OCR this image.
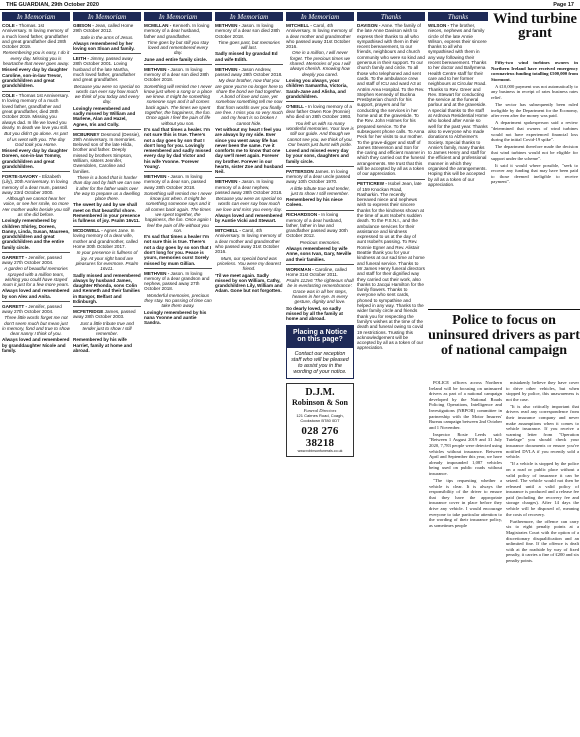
THE GUARDIAN, 29th October 2020	Page 17
In Memoriam
COLE - Thomas. 1st Anniversary. In loving memory of a much loved father, grandfather and great grandfather died 28th October 2019.
Remembering you is easy, I do it every day. Missing you is heartache that never goes away.
Missed every day by daughter Caroline, son-in-law Trevor, grandchildren and great grandchildren.
COLE - Thomas 1st Anniversary. In loving memory of a much loved father, grandfather and great grandfather, died 28th October 2019. Missing you always dad. In life we loved you dearly. In death we love you still.
But you didn't go alone. As part of us went with you. The day God took you Home.
Missed every day by daughter Doreen, son-in-law Tommy, grandchildren and great grandchildren.
FORTE-SAVORY - Elizabeth (Lily), 20th Anniversary. In loving memory of a dear mum, passed away 23rd October 2000.
Although we cannot hear her voice, or see her smile, no more Her mother walks beside you still as she did before.
Lovingly remembered by children Shirley, Doreen, Danny, Linda, Susan, Maureen, grandchildren and great grandchildren and the entire family circle.
GARRETT - Jennifer, passed away 27th October 2004.
A garden of beautiful memories sprayed with a million tears, wishing you could have stayed mum it just for a few more years.
Always loved and remembered by son Alex and Anita.
GARRETT - Jennifer, passed away 27th October 2004.
Three little words forget me not don't seem much but mean just in memory, fond and true to show dear nanny I think of you.
Always loved and remembered by granddaughter Nicole and family.
In Memoriam
GIBSON - Jean, called Home 29th October 2012.
Safe in the arms of Jesus.
Always remembered by her loving son Sloan and family.
LEITH - Jimmy, passed away 28th October 2001. Loving husband of the late Martha, much loved father, grandfather and great grandfather.
Because you were so special no words can ever say how much we think of you today and every day.
Lovingly remembered and sadly missed by William and Marlene, Alan and Hazel, Agnes, Iris and Colly.
MCBURNEY Desmond (Dessie), 29th Anniversary. In memories. Beloved son of the late Hilda, brother and father. Deeply missed by brothers Simpson, William, sisters Jennifer, Gwendolen, Caroline and families.
There is a bond that is harder than day and by faith we can see it after for the father waits over the way to prepare us a dwelling place there.
The sweet by and by we shall meet on that beautiful shore. Remembered in your presence is fullness of joy. Psalm 16v11.
MCDOWELL - Agnes Jane. In loving memory of a dear wife, mother and grandmother, called Home 30th October 2017.
In your presence is fullness of joy. At your right hand are pleasures for evermore. Psalm 16v11.
Sadly missed and remembered always by husband James, daughter Rhonda, sons Colin and Kenneth and their families in Bangor, Belfast and Edinburgh.
MCFETRIDGE James, passed away 28th October 2003.
Just a little tribute true and tender just to show I still remember.
Remembered by his wife Harriet, family at home and abroad.
In Memoriam
MCMILLAN - Kenneth. In loving memory of a dear husband, father and grandfather.
Time goes by but still you stay loved and remembered every day.
June and entire family circle.
METHVEN - Jason. In loving memory of a dear son died 28th October 2018.
Something will remind me I never know just when a song or a place we knew. It might be something someone says and it all comes back again. The times we spent together, the happiness, the fun. Once again I feel the pain of life without you son.
It's sad that times a healer. I'm not sure this is true. There's not a day goes by son that I don't long for you. Lovingly remembered and sadly missed every day by dad Victor and his wife Yvonne. 'Forever Young'.
METHVEN - Jason. In loving memory of a dear son, passed away 28th October 2018.
Something will remind me I never know just when. It might be something someone says and it all comes back again. The times we spent together, the happiness, the fun. Once again I feel the pain of life without you son.
It's sad that times a healer I'm not sure this is true. There's not a day goes by so son that I don't long for you. Peace is yours, memories ours! Sorely missed by mum Gillian.
METHVEN - Jason. In loving memory of a dear grandson and nephew, passed away 27th October 2018.
Wonderful memories, precious they stay. No passing of time can take them away.
Lovingly remembered by his nana Yvonne and auntie Sandra.
In Memoriam
METHVEN - Jason. In loving memory of a dear son died 28th October 2018.
Time goes past, but memories will last.
Sadly missed by grandad Ed and wife Edith.
METHVEN - Jason Andrew, passed away 28th October 2018.
My dear brother, now that you are gone you're no longer here to share the bond we had together. A bond of love and care, yet somehow something tell me now that from worlds over you finally are free. I miss you so very much and my heart is so broken I cannot hide.
Yet without my heart I feel you are always by my side. Ever since you went away life has never been the same. I've it comforts me to know that one day we'll meet again. Forever my brother. Forever in our hearts, sister Zoe and husband Neil.
METHVEN - Jason. In loving memory of a dear nephew, passed away 28th October 2018.
Because you were as special no words can ever say how much we love and miss you every day.
Always loved and remembered by Auntie Vicki and Stewart.
MITCHELL - Carol, 4th Anniversary. In loving memory of a dear mother and grandmother who passed away 31st October 2016.
Mum, our special bond was priceless. You were my dearest friend.
'Til we meet again. Sadly missed by son William, Cathy, grandchildren Lily, William and Adam. Gone but not forgotten.
In Memoriam
MITCHELL - Carol, 4th Anniversary. In loving memory of a dear mother and grandmother who passed away 31st October 2016.
One in a million, I will never forget. The precious times we shared. Memories of you I will always cherish. Knowing how deeply you cared.
Loving you always, your children Samantha, Victoria, Sarah-Jane and Alisha, and grandchildren.
O'NEILL - In loving memory of a dear father Owen Roe (Ronnie) who died on 28th October 1993.
You left us with so many wonderful memories. Your love is still our guide. And though we cannot see you, we think of you. Our hearts just burst with pride.
Loved and missed every day by your sons, daughters and family circle.
PATTERSON James. In loving memory of a dear uncle passed away 10th October 1970.
A little tribute true and tender, just to show I still remember.
Remembered by his niece Coleen.
RICHARDSON - In loving memory of a dear husband, father, father in law and grandfather passed away 30th October 2012.
Precious memories.
Always remembered by wife Anne, sons Ivan, Gary, Neville and their families.
WORKMAN - Caroline, called Home 31st October 2011.
Psalm 112v6 'The righteous shall be in everlasting remembrance'. Grace was in all her steps, heaven in her eye. In every gesture, dignity and love.
So dearly loved, so sadly missed by all the family at home and abroad.
Placing a Notice on this page?
Contact our reception staff who will be pleased to assist you in the wording of your notice.
D.J.M.
Robinson & Son
Funeral Directors
121 Cairnes Road, Coagh, Cookstown BT80 0DT
028 276 38218
www.robinsonfunerals.co.uk
Thanks
DAVISON - Anne. The family of the late Anne Davison wish to express their thanks to all who sympathised with them in their recent bereavement, to our friends, neighbours and church community who were so kind and generous in their support. To our church family and circle. To all those who telephoned and sent cards. To the ambulance crew and staff of ICU and ward A3 at Antrim Area Hospital. To the Rev. Stephen Kennedy of Buckna Presbyterian church for his support, prayers and for conducting the services in her home and at the graveside. To the Rev. John Holmes for his prepared service. To the subsequent phone calls. To Anna Peck for her visits to our mother. To the grave-digger and staff of James Stevenson and Son for the caring and efficient manner in which they carried out the funeral arrangements. We trust that this will be accepted by all as a token of our appreciation.
PETTICREW - Isobel Jean, late of 159 Knockan Road, Rasharkin. The recently bereaved niece and nephews wish to express their sincere thanks for the kindness shown at the time of aunt Isobel's sudden death. To the P.S.N.I., and the ambulance services for their assistance and kindness expressed to us at the day of aunt Isobel's passing. To Rev. Ronnie Egner and Rev. Alistair Beattie thank you for your kindness at our sad time at home and funeral service. Thanks to Mr James Henry funeral directors and staff for their dignified way they carried out their work, also thanks to Jacqui Hamilton for the family flowers. Thanks to everyone who sent cards, phoned to sympathise and helped in any way. Thanks to the wider family circle and friends thank you for respecting the family's wishes at the time of the death and funeral owing to covid 19 restrictions. Trusting this acknowledgement will be accepted by all as a token of our appreciation.
Thanks
WILSON - The brother, nieces, nephews and family circle of the late Annie Wilson, express their sincere thanks to all who sympathised with them in any way following their recent bereavement. Thanks to her doctor and Ballymena Health Centre staff for their care and to her former neighbours at Circular Road. Thanks to Rev. Greer and Rev. Stewart for conducting the service at the funeral parlour and at the graveside. A special thanks to the staff at Ardnova Residential Home who looked after Annie so well for the past year. Thanks also to everyone who made donations to Alzheimer's Society. Special thanks to Annie's family, many thanks to James Henry and staff for the efficient and professional manner in which they organised the arrangements. Hoping this will be accepted by all as a token of our appreciation.
Wind turbine grant

Fifty-two wind turbines owners in Northern Ireland have received emergency coronavirus funding totalling £500,000 from Stormont.

A £10,000 payment was not automatically to any business in receipt of rates business rates relief.

The sector has subsequently been ruled ineligible by the Department for the Economy, after even after the money was paid.

A department spokesperson said a review "determined that owners of wind turbines would not have experienced financial loss during the initial Covid-19 spike".

The department therefore made the decision that wind turbines would not be eligible for support under the scheme".

It said it would where possible, "seek to recover any funding that may have been paid to those deemed ineligible to receive payment".

Police to focus on uninsured drivers as part of national campaign

POLICE officers across Northern Ireland will be focusing on uninsured drivers as part of a national campaign developed by the National Roads Policing Operations, Intelligence and Investigations (NRPOII) committee in partnership with the Motor Insurers' Bureau campaign between 2nd October and 1 November.

Inspector Rosie Leeds said: "Between 1 August 2019 and 31 July 2020, 7,783 people were detected using vehicles without insurance. Between April and September this year, we have already impounded 1,087 vehicles being used on public roads without insurance.

"The tips requesting whether a vehicle is clear. It is always the responsibility of the driver to ensure that they have the appropriate insurance cover in place before they drive any vehicle. I would encourage everyone to take particular attention to the wording of their insurance policy, as sometimes people

mistakenly believe they have cover to drive other vehicles, but when stopped by police, this unawareness is not the case.

"It is also critically important that drivers read any correspondence from their insurance company and never make assumptions when it comes to vehicle insurance. If you receive a warning letter from "Operation Tutelage" you should check your insurance documents or ensure you've notified DVLA if you recently sold a vehicle.

"If a vehicle is stopped by the police on a road or public place without a valid policy of insurance it can be seized. The vehicle would not then be released until a valid policy of insurance is produced and a release fee paid (including the recovery fee and storage charges). After 14 days the vehicle will be disposed of, meaning the costs of recovery.

Furthermore, the offence can carry six to eight penalty points at a Magistrates Court with the option of a discretionary disqualification and an unlimited fine. If the offence is dealt with at the roadside by way of fixed penalty, it carries a fine of £200 and six penalty points.
